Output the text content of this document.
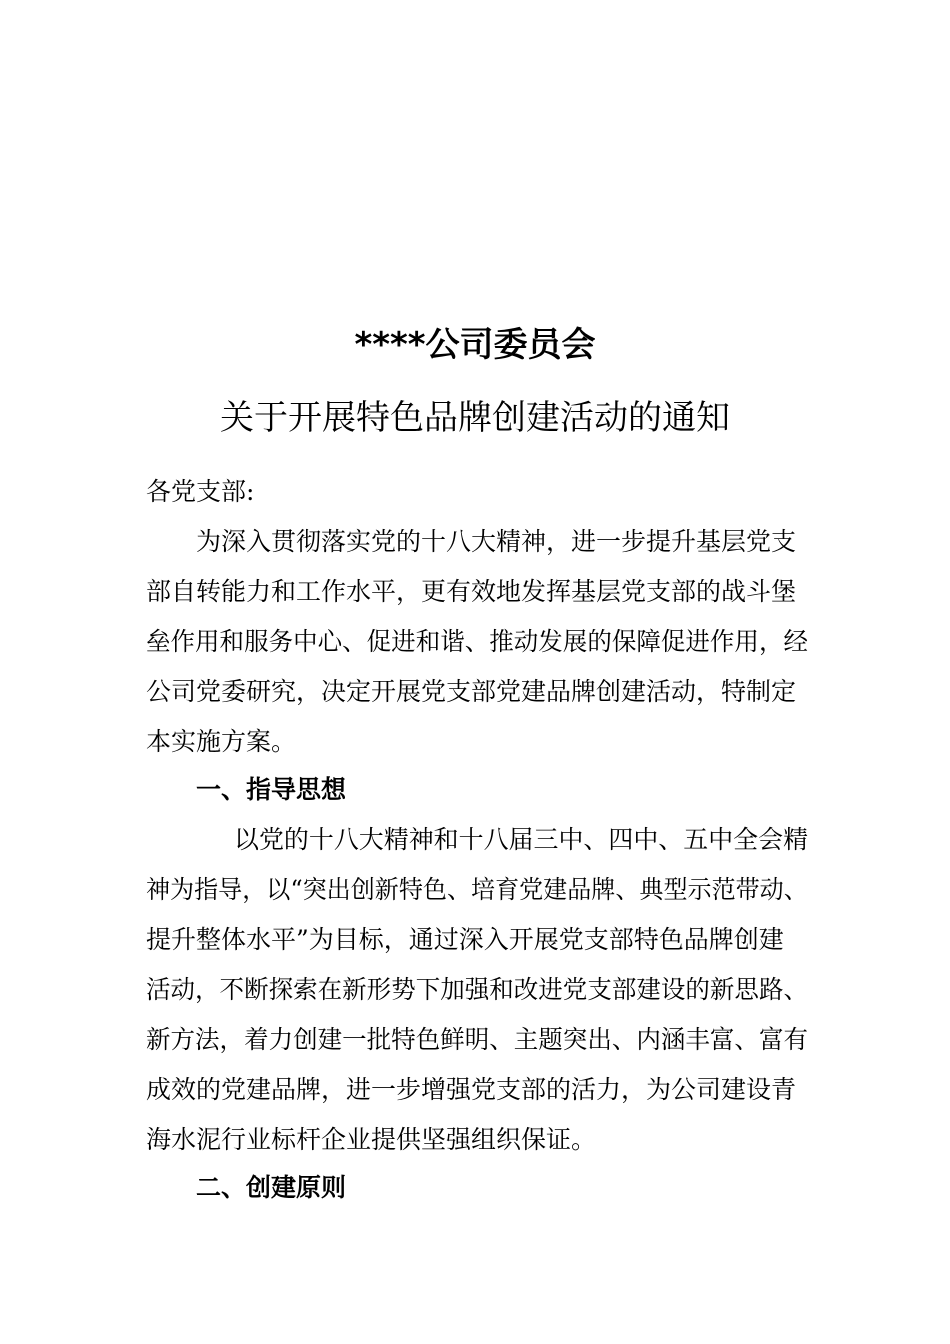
****公司委员会
关于开展特色品牌创建活动的通知
各党支部:
为深入贯彻落实党的十八大精神，进一步提升基层党支
部自转能力和工作水平，更有效地发挥基层党支部的战斗堡
垒作用和服务中心、促进和谐、推动发展的保障促进作用，经
公司党委研究，决定开展党支部党建品牌创建活动，特制定
本实施方案。
一、指导思想
以党的十八大精神和十八届三中、四中、五中全会精
神为指导，以“突出创新特色、培育党建品牌、典型示范带动、
提升整体水平”为目标，通过深入开展党支部特色品牌创建
活动，不断探索在新形势下加强和改进党支部建设的新思路、
新方法，着力创建一批特色鲜明、主题突出、内涵丰富、富有
成效的党建品牌，进一步增强党支部的活力，为公司建设青
海水泥行业标杆企业提供坚强组织保证。
二、创建原则
